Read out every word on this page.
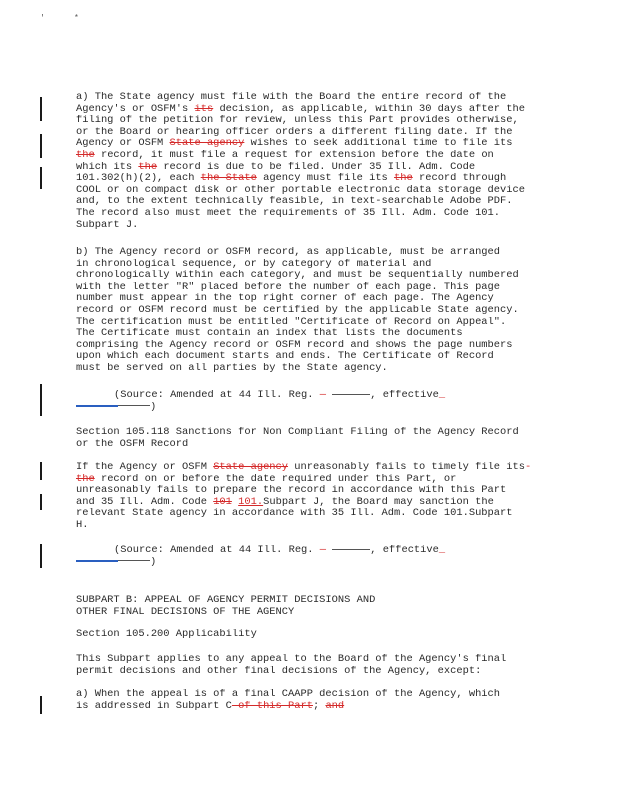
'	*
a) The State agency must file with the Board the entire record of the
Agency's or OSFM's its decision, as applicable, within 30 days after the
filing of the petition for review, unless this Part provides otherwise,
or the Board or hearing officer orders a different filing date. If the
Agency or OSFM State agency wishes to seek additional time to file its
the record, it must file a request for extension before the date on
which its the record is due to be filed. Under 35 Ill. Adm. Code
101.302(h)(2), each the State agency must file its the record through
COOL or on compact disk or other portable electronic data storage device
and, to the extent technically feasible, in text-searchable Adobe PDF.
The record also must meet the requirements of 35 Ill. Adm. Code 101.
Subpart J.
b) The Agency record or OSFM record, as applicable, must be arranged
in chronological sequence, or by category of material and
chronologically within each category, and must be sequentially numbered
with the letter "R" placed before the number of each page. This page
number must appear in the top right corner of each page. The Agency
record or OSFM record must be certified by the applicable State agency.
The certification must be entitled "Certificate of Record on Appeal".
The Certificate must contain an index that lists the documents
comprising the Agency record or OSFM record and shows the page numbers
upon which each document starts and ends. The Certificate of Record
must be served on all parties by the State agency.
(Source: Amended at 44 Ill. Reg. —	, effective_
)
Section 105.118 Sanctions for Non Compliant Filing of the Agency Record
or the OSFM Record
If the Agency or OSFM State agency unreasonably fails to timely file its-
the record on or before the date required under this Part, or
unreasonably fails to prepare the record in accordance with this Part
and 35 Ill. Adm. Code 101 101.Subpart J, the Board may sanction the
relevant State agency in accordance with 35 Ill. Adm. Code 101.Subpart
H.
(Source: Amended at 44 Ill. Reg. —	, effective_
)
SUBPART B: APPEAL OF AGENCY PERMIT DECISIONS AND
OTHER FINAL DECISIONS OF THE AGENCY
Section 105.200 Applicability
This Subpart applies to any appeal to the Board of the Agency's final
permit decisions and other final decisions of the Agency, except:
a) When the appeal is of a final CAAPP decision of the Agency, which
is addressed in Subpart C of this Part; and
